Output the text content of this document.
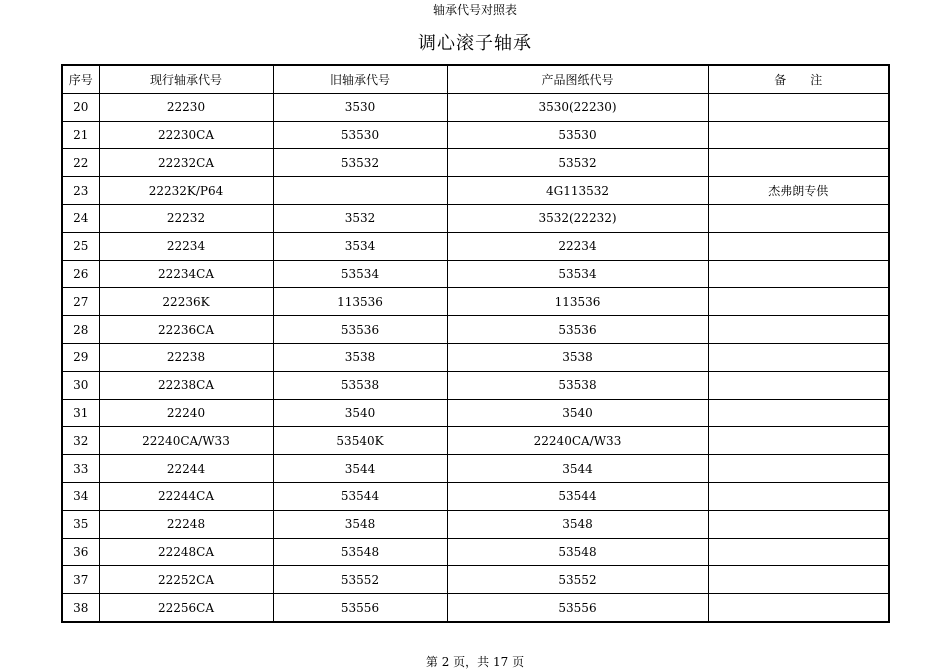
轴承代号对照表
调心滚子轴承
序号	现行轴承代号	旧轴承代号	产品图纸代号	备　　注
20	22230	3530	3530(22230)	
21	22230CA	53530	53530	
22	22232CA	53532	53532	
23	22232K/P64		4G113532	杰弗朗专供
24	22232	3532	3532(22232)	
25	22234	3534	22234	
26	22234CA	53534	53534	
27	22236K	113536	113536	
28	22236CA	53536	53536	
29	22238	3538	3538	
30	22238CA	53538	53538	
31	22240	3540	3540	
32	22240CA/W33	53540K	22240CA/W33	
33	22244	3544	3544	
34	22244CA	53544	53544	
35	22248	3548	3548	
36	22248CA	53548	53548	
37	22252CA	53552	53552	
38	22256CA	53556	53556	
第 2 页，共 17 页
